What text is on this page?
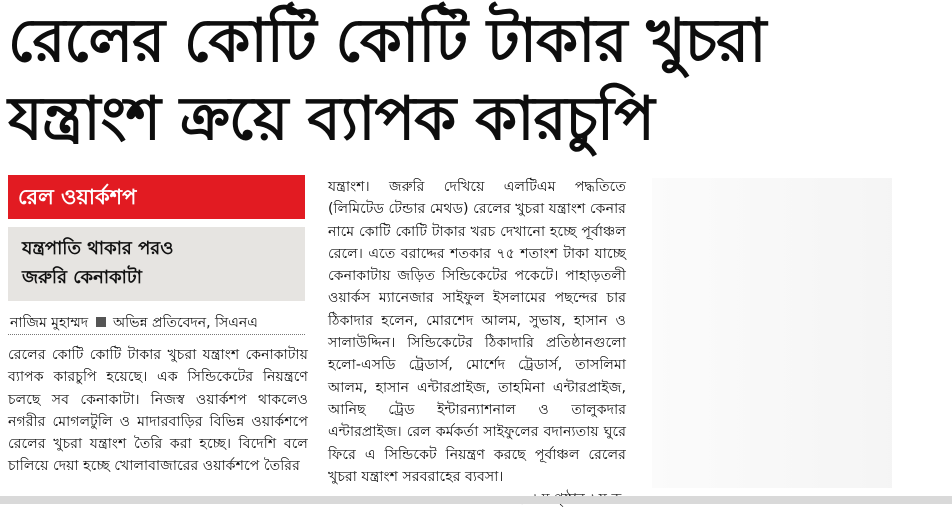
রেলের কোটি কোটি টাকার খুচরা
যন্ত্রাংশ ক্রয়ে ব্যাপক কারচুপি
রেল ওয়ার্কশপ
যন্ত্রপাতি থাকার পরও
জরুরি কেনাকাটা
নাজিম মুহাম্মদ অভিন্ন প্রতিবেদন, সিএনএ
রেলের কোটি কোটি টাকার খুচরা যন্ত্রাংশ কেনাকাটায় ব্যাপক কারচুপি হয়েছে। এক সিন্ডিকেটের নিয়ন্ত্রণে চলছে সব কেনাকাটা। নিজস্ব ওয়ার্কশপ থাকলেও নগরীর মোগলটুলি ও মাদারবাড়ির বিভিন্ন ওয়ার্কশপে রেলের খুচরা যন্ত্রাংশ তৈরি করা হচ্ছে। বিদেশি বলে চালিয়ে দেয়া হচ্ছে খোলাবাজারের ওয়ার্কশপে তৈরির
যন্ত্রাংশ। জরুরি দেখিয়ে এলটিএম পদ্ধতিতে (লিমিটেড টেন্ডার মেথড) রেলের খুচরা যন্ত্রাংশ কেনার নামে কোটি কোটি টাকার খরচ দেখানো হচ্ছে পূর্বাঞ্চল রেলে। এতে বরাদ্দের শতকার ৭৫ শতাংশ টাকা যাচ্ছে কেনাকাটায় জড়িত সিন্ডিকেটের পকেটে। পাহাড়তলী ওয়ার্কস ম্যানেজার সাইফুল ইসলামের পছন্দের চার ঠিকাদার হলেন, মোরশেদ আলম, সুভাষ, হাসান ও সালাউদ্দিন। সিন্ডিকেটের ঠিকাদারি প্রতিষ্ঠানগুলো হলো-এসডি ট্রেডার্স, মোর্শেদ ট্রেডার্স, তাসলিমা আলম, হাসান এন্টারপ্রাইজ, তাহমিনা এন্টারপ্রাইজ, আনিছ ট্রেড ইন্টারন্যাশনাল ও তালুকদার এন্টারপ্রাইজ। রেল কর্মকর্তা সাইফুলের বদান্যতায় ঘুরে ফিরে এ সিন্ডিকেট নিয়ন্ত্রণ করছে পূর্বাঞ্চল রেলের খুচরা যন্ত্রাংশ সরবরাহের ব্যবসা।
